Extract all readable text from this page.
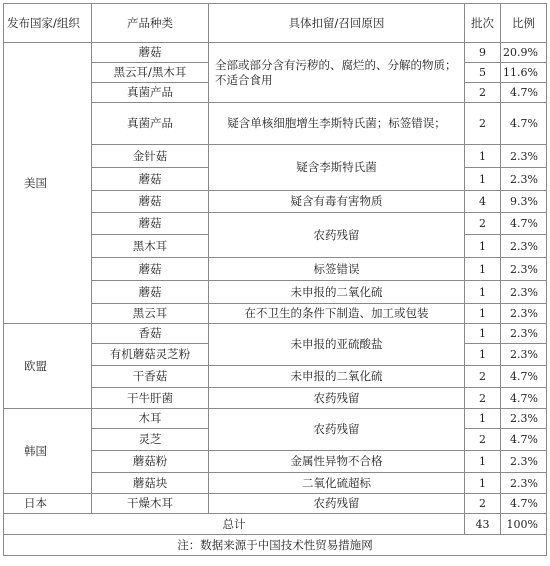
发布国家/组织	产品种类	具体扣留/召回原因	批次	比例
美国	蘑菇	全部或部分含有污秽的、腐烂的、分解的物质；不适合食用	9	20.9%
	黑云耳/黑木耳		5	11.6%
	真菌产品		2	4.7%
	真菌产品	疑含单核细胞增生李斯特氏菌；标签错误；	2	4.7%
	金针菇	疑含李斯特氏菌	1	2.3%
	蘑菇		1	2.3%
	蘑菇	疑含有毒有害物质	4	9.3%
	蘑菇	农药残留	2	4.7%
	黑木耳		1	2.3%
	蘑菇	标签错误	1	2.3%
	蘑菇	未申报的二氧化硫	1	2.3%
	黑云耳	在不卫生的条件下制造、加工或包装	1	2.3%
欧盟	香菇	未申报的亚硫酸盐	1	2.3%
	有机蘑菇灵芝粉		1	2.3%
	干香菇	未申报的二氧化硫	2	4.7%
	干牛肝菌	农药残留	2	4.7%
韩国	木耳	农药残留	1	2.3%
	灵芝		2	4.7%
	蘑菇粉	金属性异物不合格	1	2.3%
	蘑菇块	二氧化硫超标	1	2.3%
日本	干燥木耳	农药残留	2	4.7%
总计			43	100%
注：数据来源于中国技术性贸易措施网				
